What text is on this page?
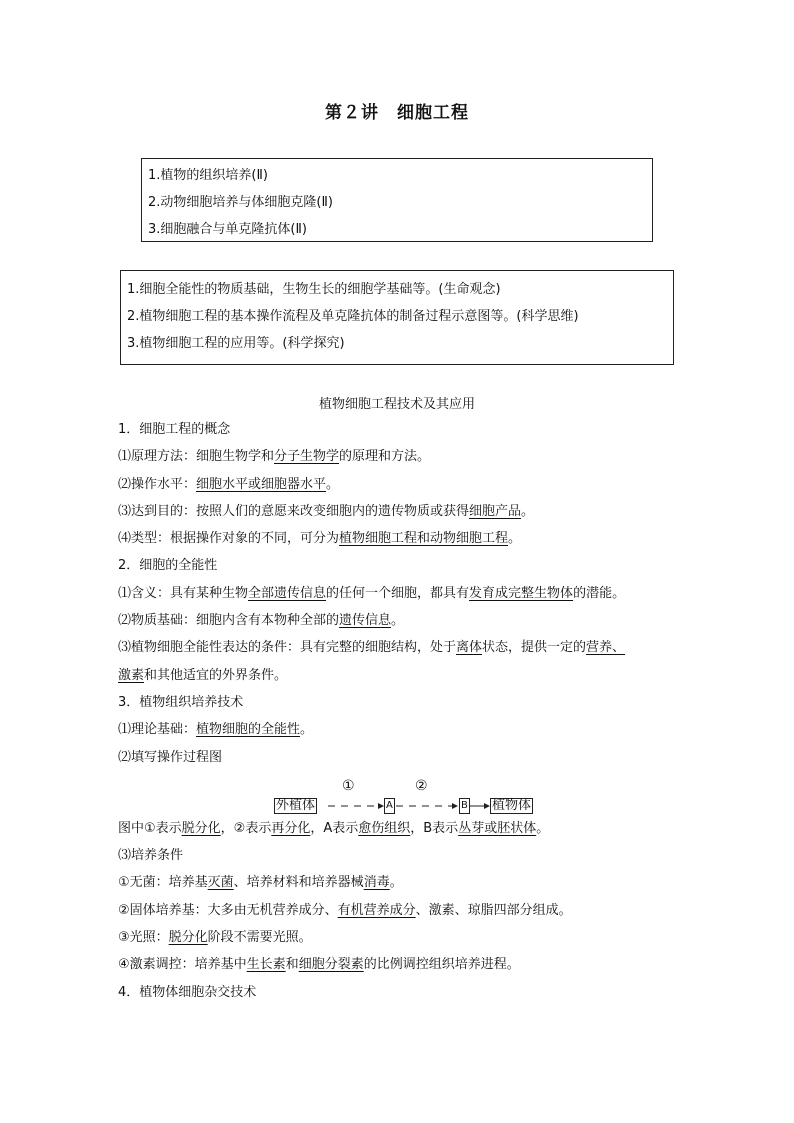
第２讲　细胞工程
1.植物的组织培养(Ⅱ)
2.动物细胞培养与体细胞克隆(Ⅱ)
3.细胞融合与单克隆抗体(Ⅱ)
1.细胞全能性的物质基础，生物生长的细胞学基础等。(生命观念)
2.植物细胞工程的基本操作流程及单克隆抗体的制备过程示意图等。(科学思维)
3.植物细胞工程的应用等。(科学探究)
植物细胞工程技术及其应用
1．细胞工程的概念
⑴原理方法：细胞生物学和分子生物学的原理和方法。
⑵操作水平：细胞水平或细胞器水平。
⑶达到目的：按照人们的意愿来改变细胞内的遗传物质或获得细胞产品。
⑷类型：根据操作对象的不同，可分为植物细胞工程和动物细胞工程。
2．细胞的全能性
⑴含义：具有某种生物全部遗传信息的任何一个细胞，都具有发育成完整生物体的潜能。
⑵物质基础：细胞内含有本物种全部的遗传信息。
⑶植物细胞全能性表达的条件：具有完整的细胞结构，处于离体状态，提供一定的营养、
激素和其他适宜的外界条件。
3．植物组织培养技术
⑴理论基础：植物细胞的全能性。
⑵填写操作过程图
外植体
①
A
②
B 植物体
图中①表示脱分化，②表示再分化，A表示愈伤组织，B表示丛芽或胚状体。
⑶培养条件
①无菌：培养基灭菌、培养材料和培养器械消毒。
②固体培养基：大多由无机营养成分、有机营养成分、激素、琼脂四部分组成。
③光照：脱分化阶段不需要光照。
④激素调控：培养基中生长素和细胞分裂素的比例调控组织培养进程。
4．植物体细胞杂交技术
